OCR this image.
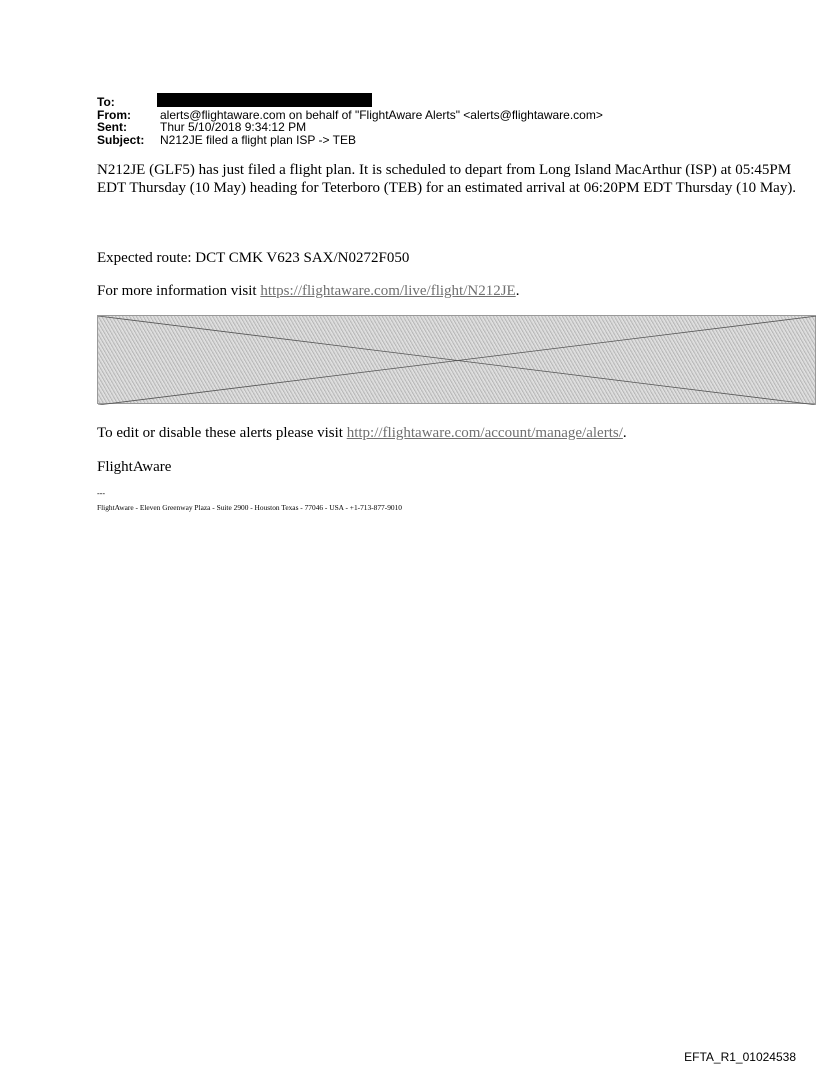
To:
From:	alerts@flightaware.com on behalf of "FlightAware Alerts" <alerts@flightaware.com>
Sent:	Thur 5/10/2018 9:34:12 PM
Subject:	N212JE filed a flight plan ISP -> TEB
N212JE (GLF5) has just filed a flight plan. It is scheduled to depart from Long Island MacArthur (ISP) at 05:45PM EDT Thursday (10 May) heading for Teterboro (TEB) for an estimated arrival at 06:20PM EDT Thursday (10 May).
Expected route: DCT CMK V623 SAX/N0272F050
For more information visit https://flightaware.com/live/flight/N212JE.
To edit or disable these alerts please visit http://flightaware.com/account/manage/alerts/.
FlightAware
---
FlightAware - Eleven Greenway Plaza - Suite 2900 - Houston Texas - 77046 - USA - +1-713-877-9010
EFTA_R1_01024538
